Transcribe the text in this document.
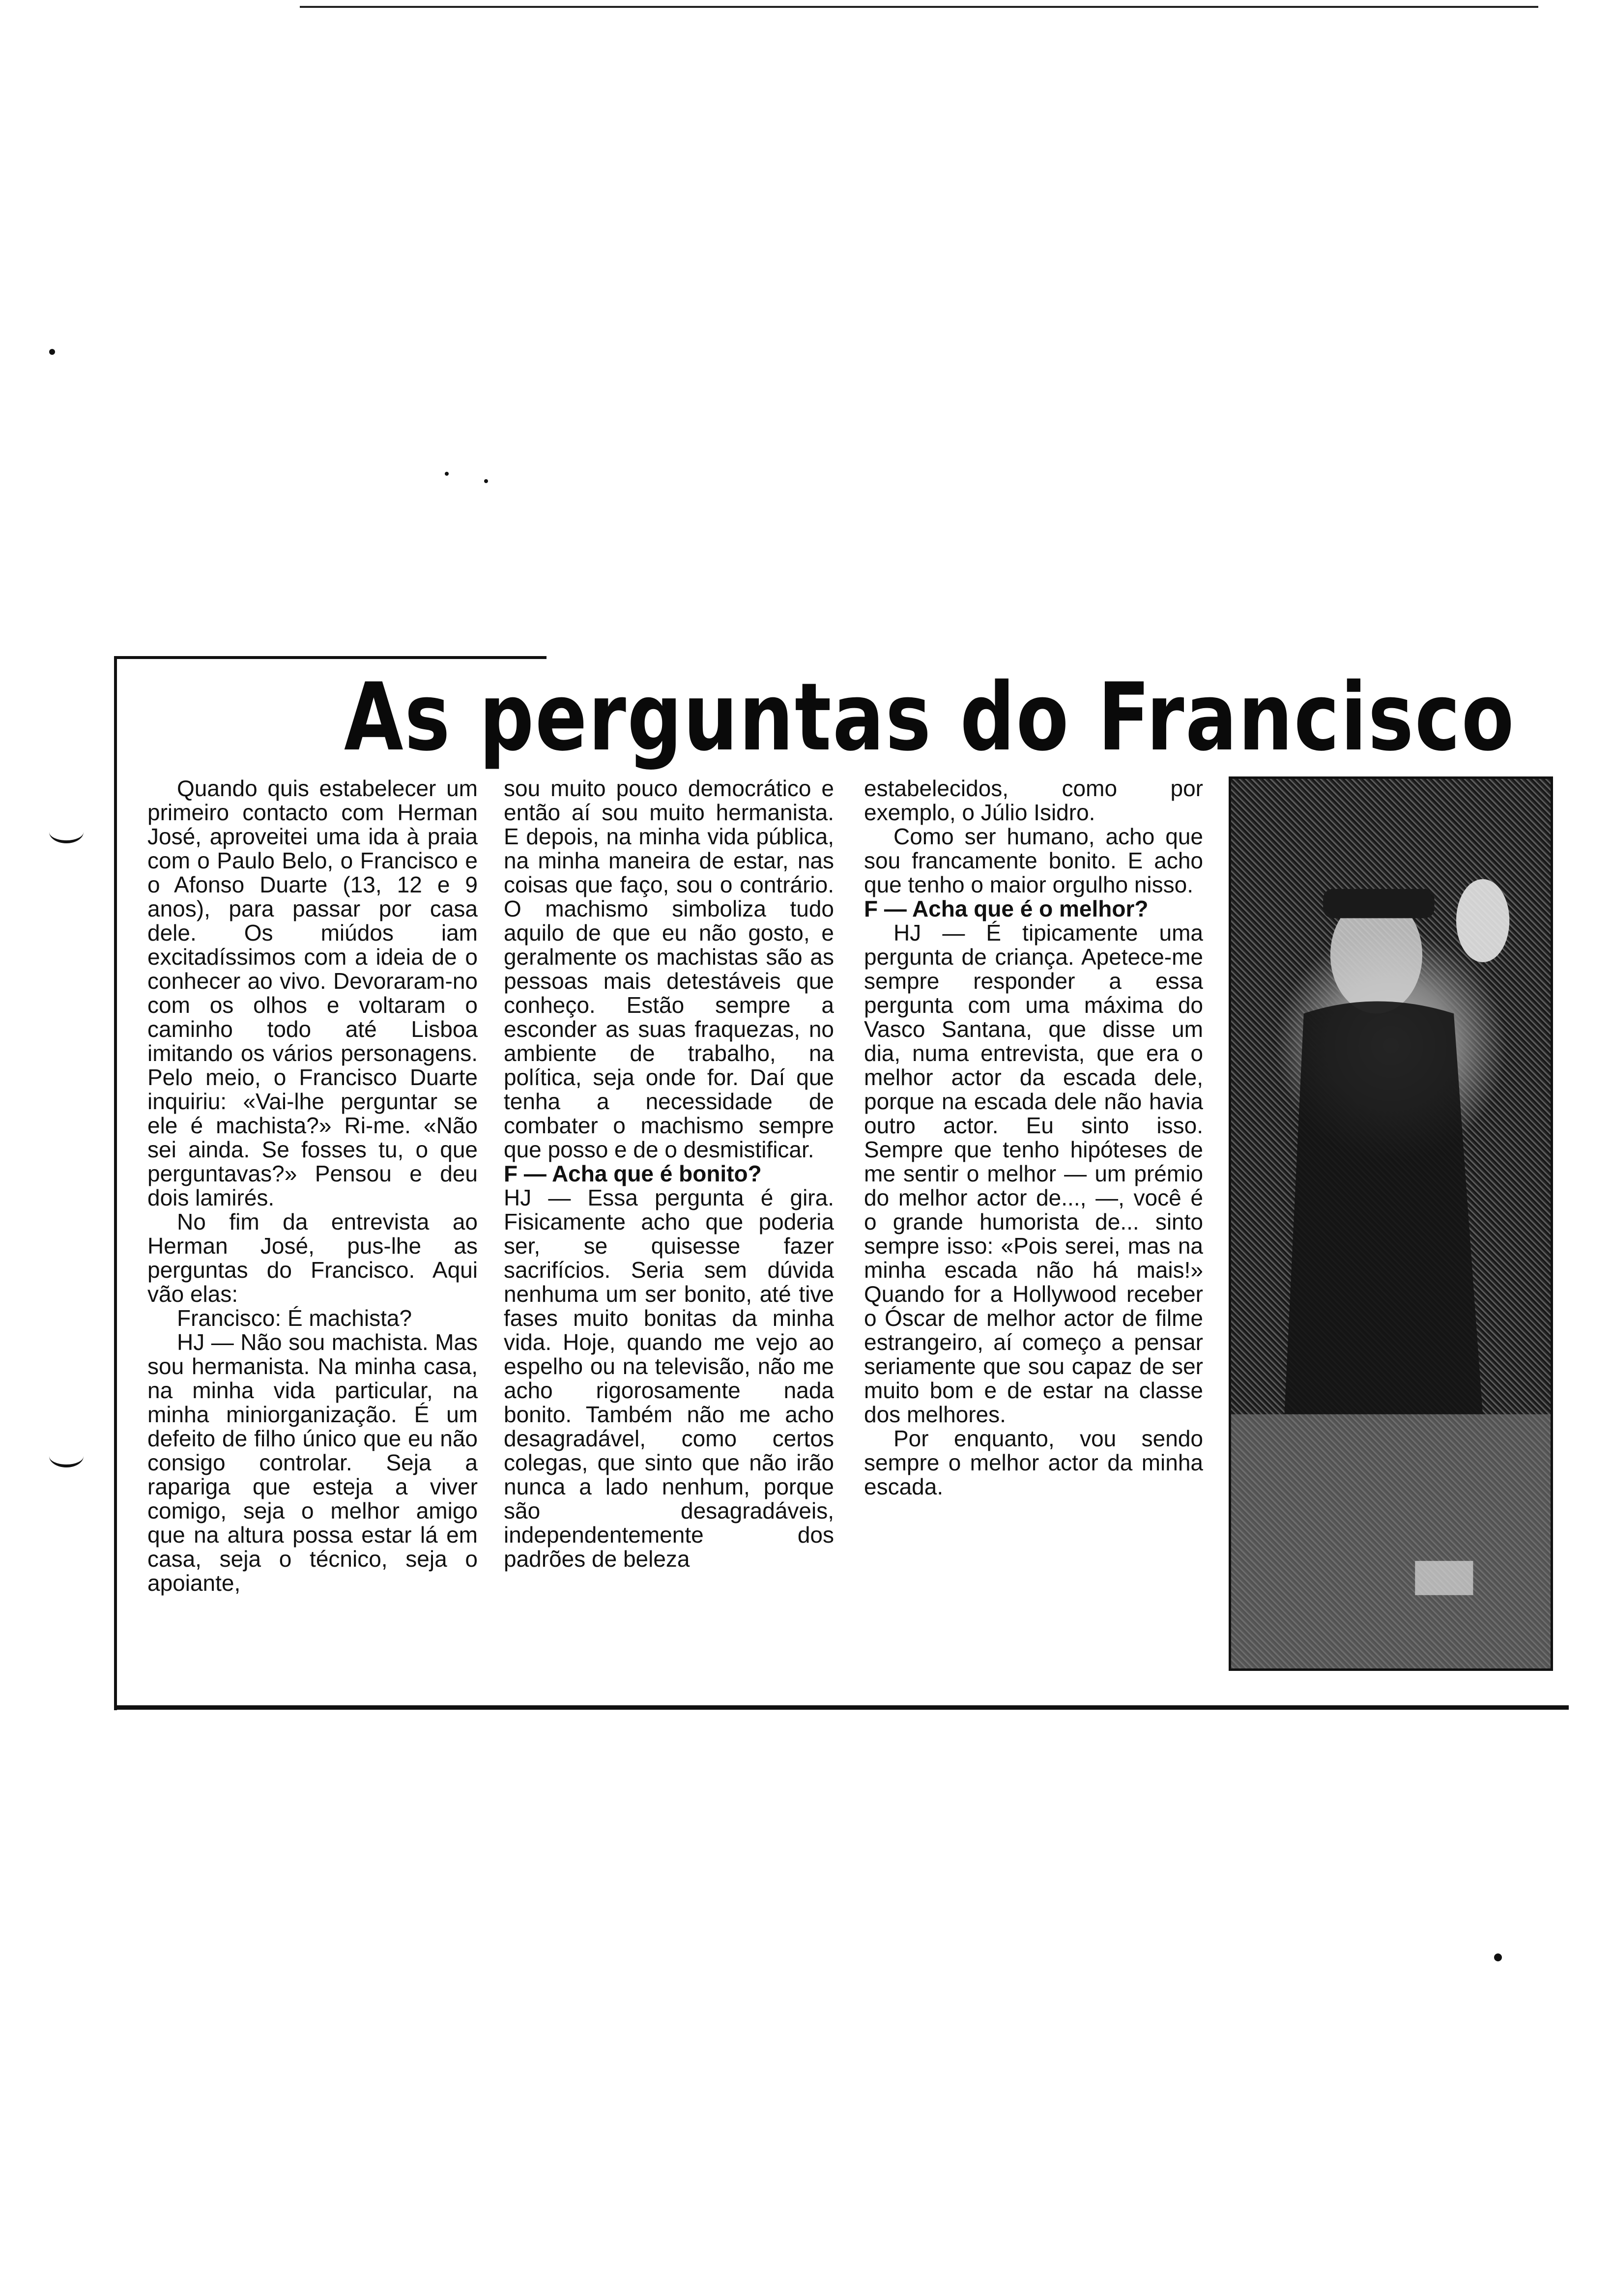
As perguntas do Francisco

Quando quis estabelecer um primeiro contacto com Herman José, aproveitei uma ida à praia com o Paulo Belo, o Francisco e o Afonso Duarte (13, 12 e 9 anos), para passar por casa dele. Os miúdos iam excitadíssimos com a ideia de o conhecer ao vivo. Devoraram-no com os olhos e voltaram o caminho todo até Lisboa imitando os vários personagens. Pelo meio, o Francisco Duarte inquiriu: «Vai-lhe perguntar se ele é machista?» Ri-me. «Não sei ainda. Se fosses tu, o que perguntavas?» Pensou e deu dois lamirés.

No fim da entrevista ao Herman José, pus-lhe as perguntas do Francisco. Aqui vão elas:

Francisco: É machista?

HJ — Não sou machista. Mas sou hermanista. Na minha casa, na minha vida particular, na minha miniorganização. É um defeito de filho único que eu não consigo controlar. Seja a rapariga que esteja a viver comigo, seja o melhor amigo que na altura possa estar lá em casa, seja o técnico, seja o apoiante,

sou muito pouco democrático e então aí sou muito hermanista. E depois, na minha vida pública, na minha maneira de estar, nas coisas que faço, sou o contrário. O machismo simboliza tudo aquilo de que eu não gosto, e geralmente os machistas são as pessoas mais detestáveis que conheço. Estão sempre a esconder as suas fraquezas, no ambiente de trabalho, na política, seja onde for. Daí que tenha a necessidade de combater o machismo sempre que posso e de o desmistificar.

F — Acha que é bonito?

HJ — Essa pergunta é gira. Fisicamente acho que poderia ser, se quisesse fazer sacrifícios. Seria sem dúvida nenhuma um ser bonito, até tive fases muito bonitas da minha vida. Hoje, quando me vejo ao espelho ou na televisão, não me acho rigorosamente nada bonito. Também não me acho desagradável, como certos colegas, que sinto que não irão nunca a lado nenhum, porque são desagradáveis, independentemente dos padrões de beleza

estabelecidos, como por exemplo, o Júlio Isidro.

Como ser humano, acho que sou francamente bonito. E acho que tenho o maior orgulho nisso.

F — Acha que é o melhor?

HJ — É tipicamente uma pergunta de criança. Apetece-me sempre responder a essa pergunta com uma máxima do Vasco Santana, que disse um dia, numa entrevista, que era o melhor actor da escada dele, porque na escada dele não havia outro actor. Eu sinto isso. Sempre que tenho hipóteses de me sentir o melhor — um prémio do melhor actor de..., —, você é o grande humorista de... sinto sempre isso: «Pois serei, mas na minha escada não há mais!» Quando for a Hollywood receber o Óscar de melhor actor de filme estrangeiro, aí começo a pensar seriamente que sou capaz de ser muito bom e de estar na classe dos melhores.

Por enquanto, vou sendo sempre o melhor actor da minha escada.
